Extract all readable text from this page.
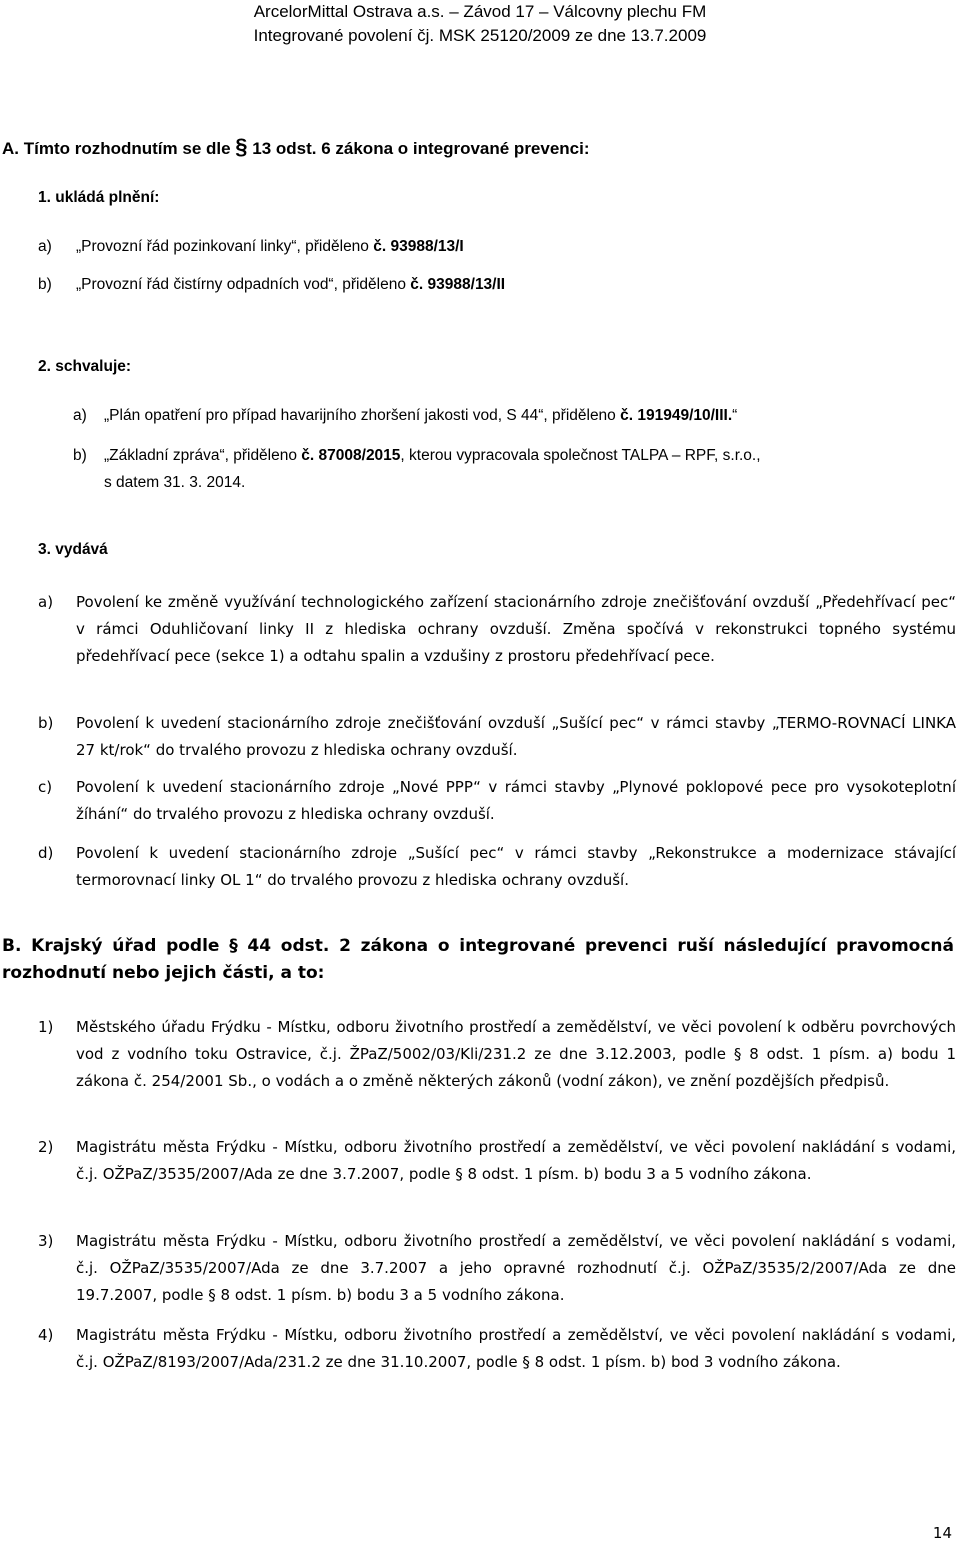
ArcelorMittal Ostrava a.s. – Závod 17 – Válcovny plechu FM
Integrované povolení čj. MSK 25120/2009 ze dne 13.7.2009
A. Tímto rozhodnutím se dle § 13 odst. 6 zákona o integrované prevenci:
1. ukládá plnění:
a) „Provozní řád pozinkovaní linky“, přiděleno č. 93988/13/I
b) „Provozní řád čistírny odpadních vod“, přiděleno č. 93988/13/II
2. schvaluje:
a) „Plán opatření pro případ havarijního zhoršení jakosti vod, S 44“, přiděleno č. 191949/10/III.“
b) „Základní zpráva“, přiděleno č. 87008/2015, kterou vypracovala společnost TALPA – RPF, s.r.o.,
s datem 31. 3. 2014.
3. vydává
a) Povolení ke změně využívání technologického zařízení stacionárního zdroje znečišťování ovzduší „Předehřívací pec“ v rámci Oduhličovaní linky II z hlediska ochrany ovzduší. Změna spočívá v rekonstrukci topného systému předehřívací pece (sekce 1) a odtahu spalin a vzdušiny z prostoru předehřívací pece.
b) Povolení k uvedení stacionárního zdroje znečišťování ovzduší „Sušící pec“ v rámci stavby „TERMO-ROVNACÍ LINKA 27 kt/rok“ do trvalého provozu z hlediska ochrany ovzduší.
c) Povolení k uvedení stacionárního zdroje „Nové PPP“ v rámci stavby „Plynové poklopové pece pro vysokoteplotní žíhání“ do trvalého provozu z hlediska ochrany ovzduší.
d) Povolení k uvedení stacionárního zdroje „Sušící pec“ v rámci stavby „Rekonstrukce a modernizace stávající termorovnací linky OL 1“ do trvalého provozu z hlediska ochrany ovzduší.
B. Krajský úřad podle § 44 odst. 2 zákona o integrované prevenci ruší následující pravomocná rozhodnutí nebo jejich části, a to:
1) Městského úřadu Frýdku - Místku, odboru životního prostředí a zemědělství, ve věci povolení k odběru povrchových vod z vodního toku Ostravice, č.j. ŽPaZ/5002/03/Kli/231.2 ze dne 3.12.2003, podle § 8 odst. 1 písm. a) bodu 1 zákona č. 254/2001 Sb., o vodách a o změně některých zákonů (vodní zákon), ve znění pozdějších předpisů.
2) Magistrátu města Frýdku - Místku, odboru životního prostředí a zemědělství, ve věci povolení nakládání s vodami, č.j. OŽPaZ/3535/2007/Ada ze dne 3.7.2007, podle § 8 odst. 1 písm. b) bodu 3 a 5 vodního zákona.
3) Magistrátu města Frýdku - Místku, odboru životního prostředí a zemědělství, ve věci povolení nakládání s vodami, č.j. OŽPaZ/3535/2007/Ada ze dne 3.7.2007 a jeho opravné rozhodnutí č.j. OŽPaZ/3535/2/2007/Ada ze dne 19.7.2007, podle § 8 odst. 1 písm. b) bodu 3 a 5 vodního zákona.
4) Magistrátu města Frýdku - Místku, odboru životního prostředí a zemědělství, ve věci povolení nakládání s vodami, č.j. OŽPaZ/8193/2007/Ada/231.2 ze dne 31.10.2007, podle § 8 odst. 1 písm. b) bod 3 vodního zákona.
14
